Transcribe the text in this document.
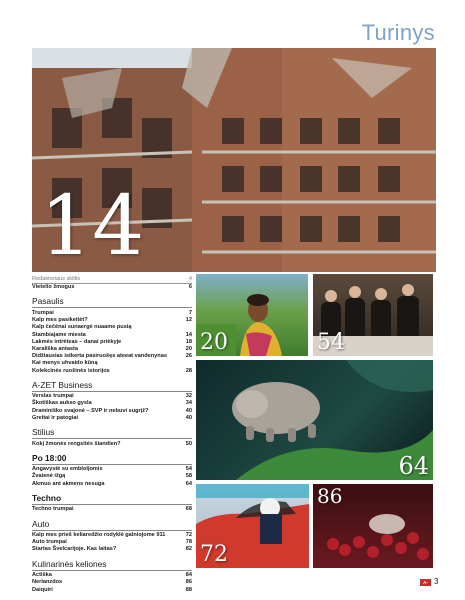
Turinys
14
Redaktoriaus skiltis	4
Vietelio žmogus	6
Pasaulis
Trumpai	7
Kalp mes pasikeitėt?	12
Kalp čečėnai sunaergė nuaame pusią
Stambiajame miesta	14
Lakmės intrėteas – danai priėkyje	18
Karališka antasta	20
Didžiausias istkerta pasiruošęs ateeat vandenynas	26
Kai menys uhvaido kūną
Kolekcinės ruošinės istorijos	28
A-ZET Business
Verslas trumpai	32
Škotiškas aukso gysla	34
Draminiško svajonė – SVP ir nebuvi sugrįž?	40
Greitai ir patogiai	40
Stilius
Kokį žmonės rengsitės šiandien?	50
Po 18:00
Angavystė su embloljomis	54
Žvaienė ižgą	58
Akmuo ant akmens nesuga	64
Techno
Techno trumpai	68
Auto
Kalp mes prieš keliaredžio rodyklė galniojome 911	72
Auto trumpai	78
Startas Švelcarijoje. Kas laitas?	82
Kulinarinės keliones
Actiška	84
Nerlanzdos	86
Daiquiri	88
20	54
64
86
72
A-ZET
3
